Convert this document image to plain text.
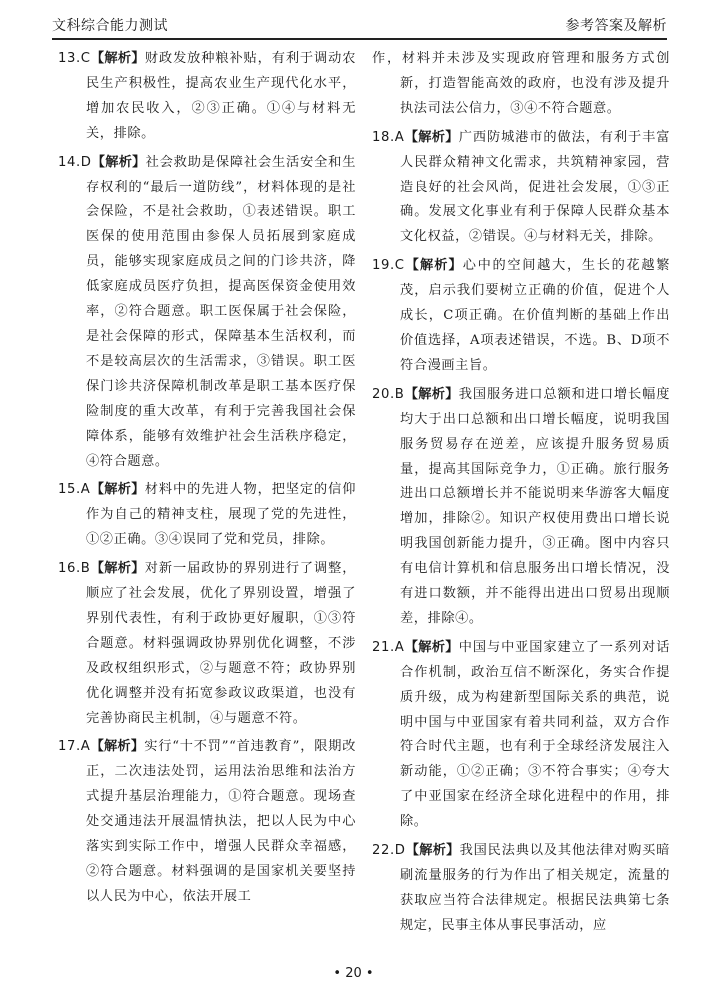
文科综合能力测试	参考答案及解析

13.C【解析】财政发放种粮补贴，有利于调动农民生产积极性，提高农业生产现代化水平，增加农民收入，②③正确。①④与材料无关，排除。

14.D【解析】社会救助是保障社会生活安全和生存权利的“最后一道防线”，材料体现的是社会保险，不是社会救助，①表述错误。职工医保的使用范围由参保人员拓展到家庭成员，能够实现家庭成员之间的门诊共济，降低家庭成员医疗负担，提高医保资金使用效率，②符合题意。职工医保属于社会保险，是社会保障的形式，保障基本生活权利，而不是较高层次的生活需求，③错误。职工医保门诊共济保障机制改革是职工基本医疗保险制度的重大改革，有利于完善我国社会保障体系，能够有效维护社会生活秩序稳定，④符合题意。

15.A【解析】材料中的先进人物，把坚定的信仰作为自己的精神支柱，展现了党的先进性，①②正确。③④误同了党和党员，排除。

16.B【解析】对新一届政协的界别进行了调整，顺应了社会发展，优化了界别设置，增强了界别代表性，有利于政协更好履职，①③符合题意。材料强调政协界别优化调整，不涉及政权组织形式，②与题意不符；政协界别优化调整并没有拓宽参政议政渠道，也没有完善协商民主机制，④与题意不符。

17.A【解析】实行“十不罚”“首违教育”，限期改正，二次违法处罚，运用法治思维和法治方式提升基层治理能力，①符合题意。现场查处交通违法开展温情执法，把以人民为中心落实到实际工作中，增强人民群众幸福感，②符合题意。材料强调的是国家机关要坚持以人民为中心，依法开展工

作，材料并未涉及实现政府管理和服务方式创新，打造智能高效的政府，也没有涉及提升执法司法公信力，③④不符合题意。

18.A【解析】广西防城港市的做法，有利于丰富人民群众精神文化需求，共筑精神家园，营造良好的社会风尚，促进社会发展，①③正确。发展文化事业有利于保障人民群众基本文化权益，②错误。④与材料无关，排除。

19.C【解析】心中的空间越大，生长的花越繁茂，启示我们要树立正确的价值，促进个人成长，C项正确。在价值判断的基础上作出价值选择，A项表述错误，不选。B、D项不符合漫画主旨。

20.B【解析】我国服务进口总额和进口增长幅度均大于出口总额和出口增长幅度，说明我国服务贸易存在逆差，应该提升服务贸易质量，提高其国际竞争力，①正确。旅行服务进出口总额增长并不能说明来华游客大幅度增加，排除②。知识产权使用费出口增长说明我国创新能力提升，③正确。图中内容只有电信计算机和信息服务出口增长情况，没有进口数额，并不能得出进出口贸易出现顺差，排除④。

21.A【解析】中国与中亚国家建立了一系列对话合作机制，政治互信不断深化，务实合作提质升级，成为构建新型国际关系的典范，说明中国与中亚国家有着共同利益，双方合作符合时代主题，也有利于全球经济发展注入新动能，①②正确；③不符合事实；④夸大了中亚国家在经济全球化进程中的作用，排除。

22.D【解析】我国民法典以及其他法律对购买暗刷流量服务的行为作出了相关规定，流量的获取应当符合法律规定。根据民法典第七条规定，民事主体从事民事活动，应

• 20 •
